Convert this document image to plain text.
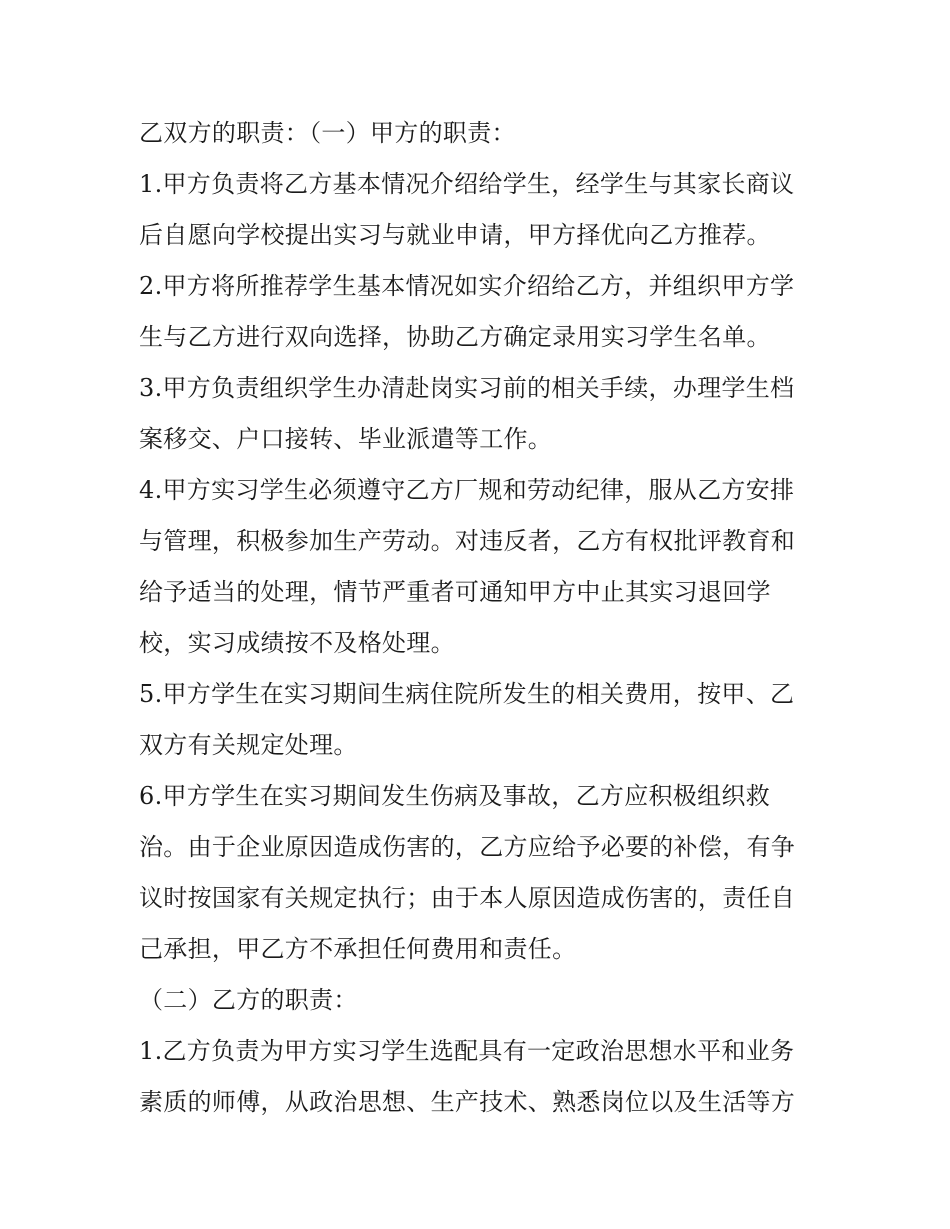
乙双方的职责：（一）甲方的职责：
1.甲方负责将乙方基本情况介绍给学生，经学生与其家长商议
后自愿向学校提出实习与就业申请，甲方择优向乙方推荐。
2.甲方将所推荐学生基本情况如实介绍给乙方，并组织甲方学
生与乙方进行双向选择，协助乙方确定录用实习学生名单。
3.甲方负责组织学生办清赴岗实习前的相关手续，办理学生档
案移交、户口接转、毕业派遣等工作。
4.甲方实习学生必须遵守乙方厂规和劳动纪律，服从乙方安排
与管理，积极参加生产劳动。对违反者，乙方有权批评教育和
给予适当的处理，情节严重者可通知甲方中止其实习退回学
校，实习成绩按不及格处理。
5.甲方学生在实习期间生病住院所发生的相关费用，按甲、乙
双方有关规定处理。
6.甲方学生在实习期间发生伤病及事故，乙方应积极组织救
治。由于企业原因造成伤害的，乙方应给予必要的补偿，有争
议时按国家有关规定执行；由于本人原因造成伤害的，责任自
己承担，甲乙方不承担任何费用和责任。
（二）乙方的职责：
1.乙方负责为甲方实习学生选配具有一定政治思想水平和业务
素质的师傅，从政治思想、生产技术、熟悉岗位以及生活等方
